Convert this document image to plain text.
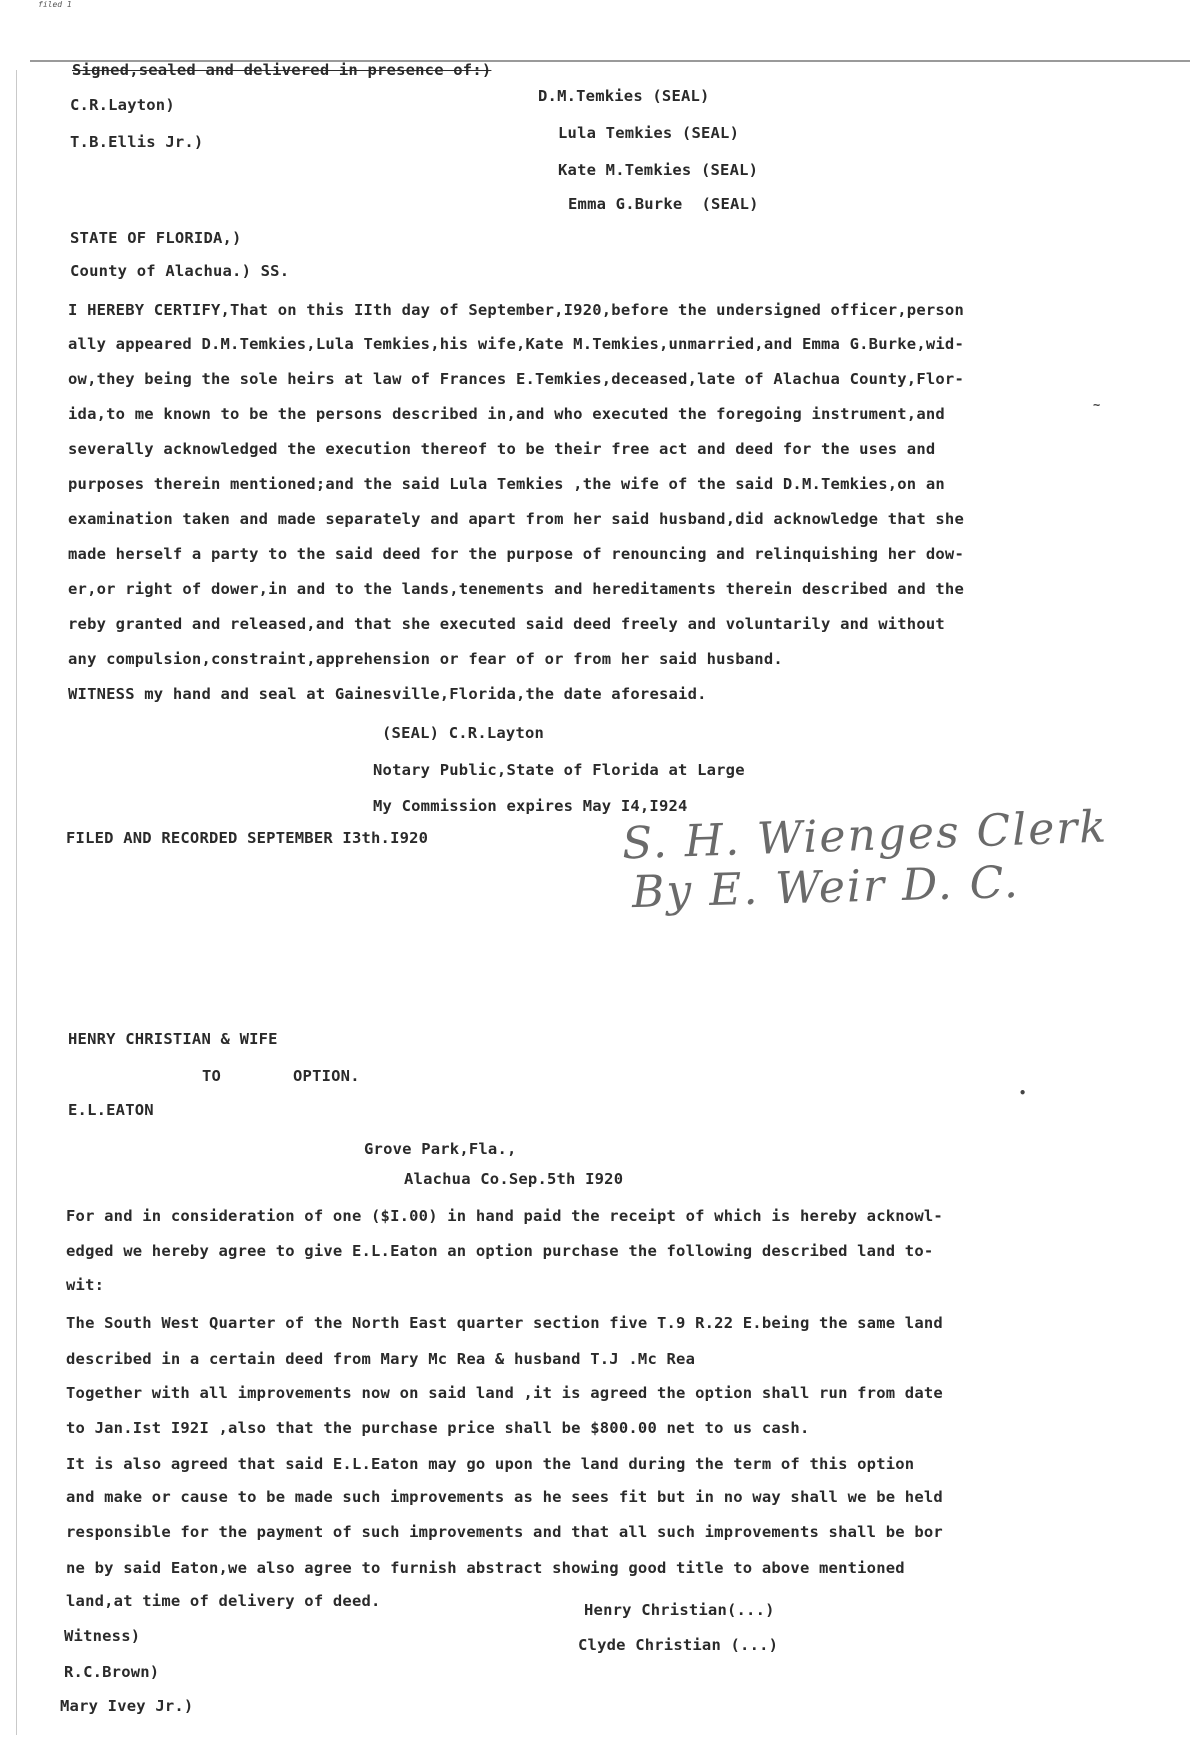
filed 1
Signed,sealed and delivered in presence of:)
C.R.Layton)
T.B.Ellis Jr.)
D.M.Temkies (SEAL)
Lula Temkies (SEAL)
Kate M.Temkies (SEAL)
Emma G.Burke  (SEAL)
STATE OF FLORIDA,)
County of Alachua.) SS.
I HEREBY CERTIFY,That on this IIth day of September,I920,before the undersigned officer,person
ally appeared D.M.Temkies,Lula Temkies,his wife,Kate M.Temkies,unmarried,and Emma G.Burke,wid-
ow,they being the sole heirs at law of Frances E.Temkies,deceased,late of Alachua County,Flor-
ida,to me known to be the persons described in,and who executed the foregoing instrument,and
severally acknowledged the execution thereof to be their free act and deed for the uses and
purposes therein mentioned;and the said Lula Temkies ,the wife of the said D.M.Temkies,on an
examination taken and made separately and apart from her said husband,did acknowledge that she
made herself a party to the said deed for the purpose of renouncing and relinquishing her dow-
er,or right of dower,in and to the lands,tenements and hereditaments therein described and the
reby granted and released,and that she executed said deed freely and voluntarily and without
any compulsion,constraint,apprehension or fear of or from her said husband.
WITNESS my hand and seal at Gainesville,Florida,the date aforesaid.
(SEAL) C.R.Layton
Notary Public,State of Florida at Large
My Commission expires May I4,I924
FILED AND RECORDED SEPTEMBER I3th.I920	S. H. Wienges Clerk
By E. Weir D. C.
HENRY CHRISTIAN & WIFE
TO	OPTION.
E.L.EATON
Grove Park,Fla.,
Alachua Co.Sep.5th I920
For and in consideration of one ($I.00) in hand paid the receipt of which is hereby acknowl-
edged we hereby agree to give E.L.Eaton an option purchase the following described land to-
wit:
The South West Quarter of the North East quarter section five T.9 R.22 E.being the same land
described in a certain deed from Mary Mc Rea & husband T.J .Mc Rea
Together with all improvements now on said land ,it is agreed the option shall run from date
to Jan.Ist I92I ,also that the purchase price shall be $800.00 net to us cash.
It is also agreed that said E.L.Eaton may go upon the land during the term of this option
and make or cause to be made such improvements as he sees fit but in no way shall we be held
responsible for the payment of such improvements and that all such improvements shall be bor
ne by said Eaton,we also agree to furnish abstract showing good title to above mentioned
land,at time of delivery of deed.	Henry Christian(...)
Clyde Christian (...)
Witness)
R.C.Brown)
Mary Ivey Jr.)
~
•
